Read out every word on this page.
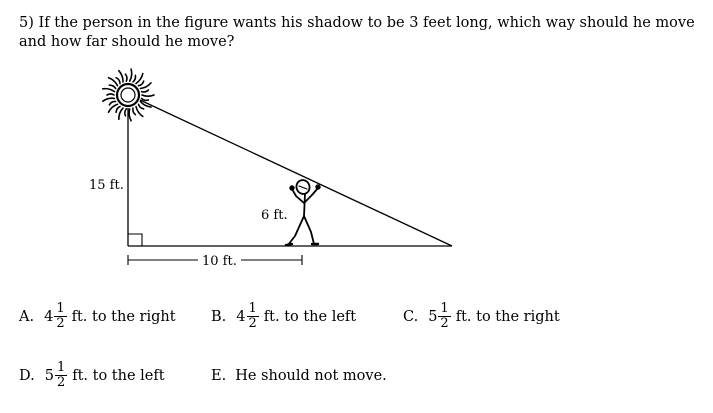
5) If the person in the figure wants his shadow to be 3 feet long, which way should he move and how far should he move?

15 ft.
6 ft.
10 ft.
A. $4 \frac{1}{2}$ ft. to the right B. $4 \frac{1}{2}$ ft. to the left	C. $5 \frac{1}{2}$ ft. to the right
D. $5 \frac{1}{2}$ ft. to the left	E. He should not move.
